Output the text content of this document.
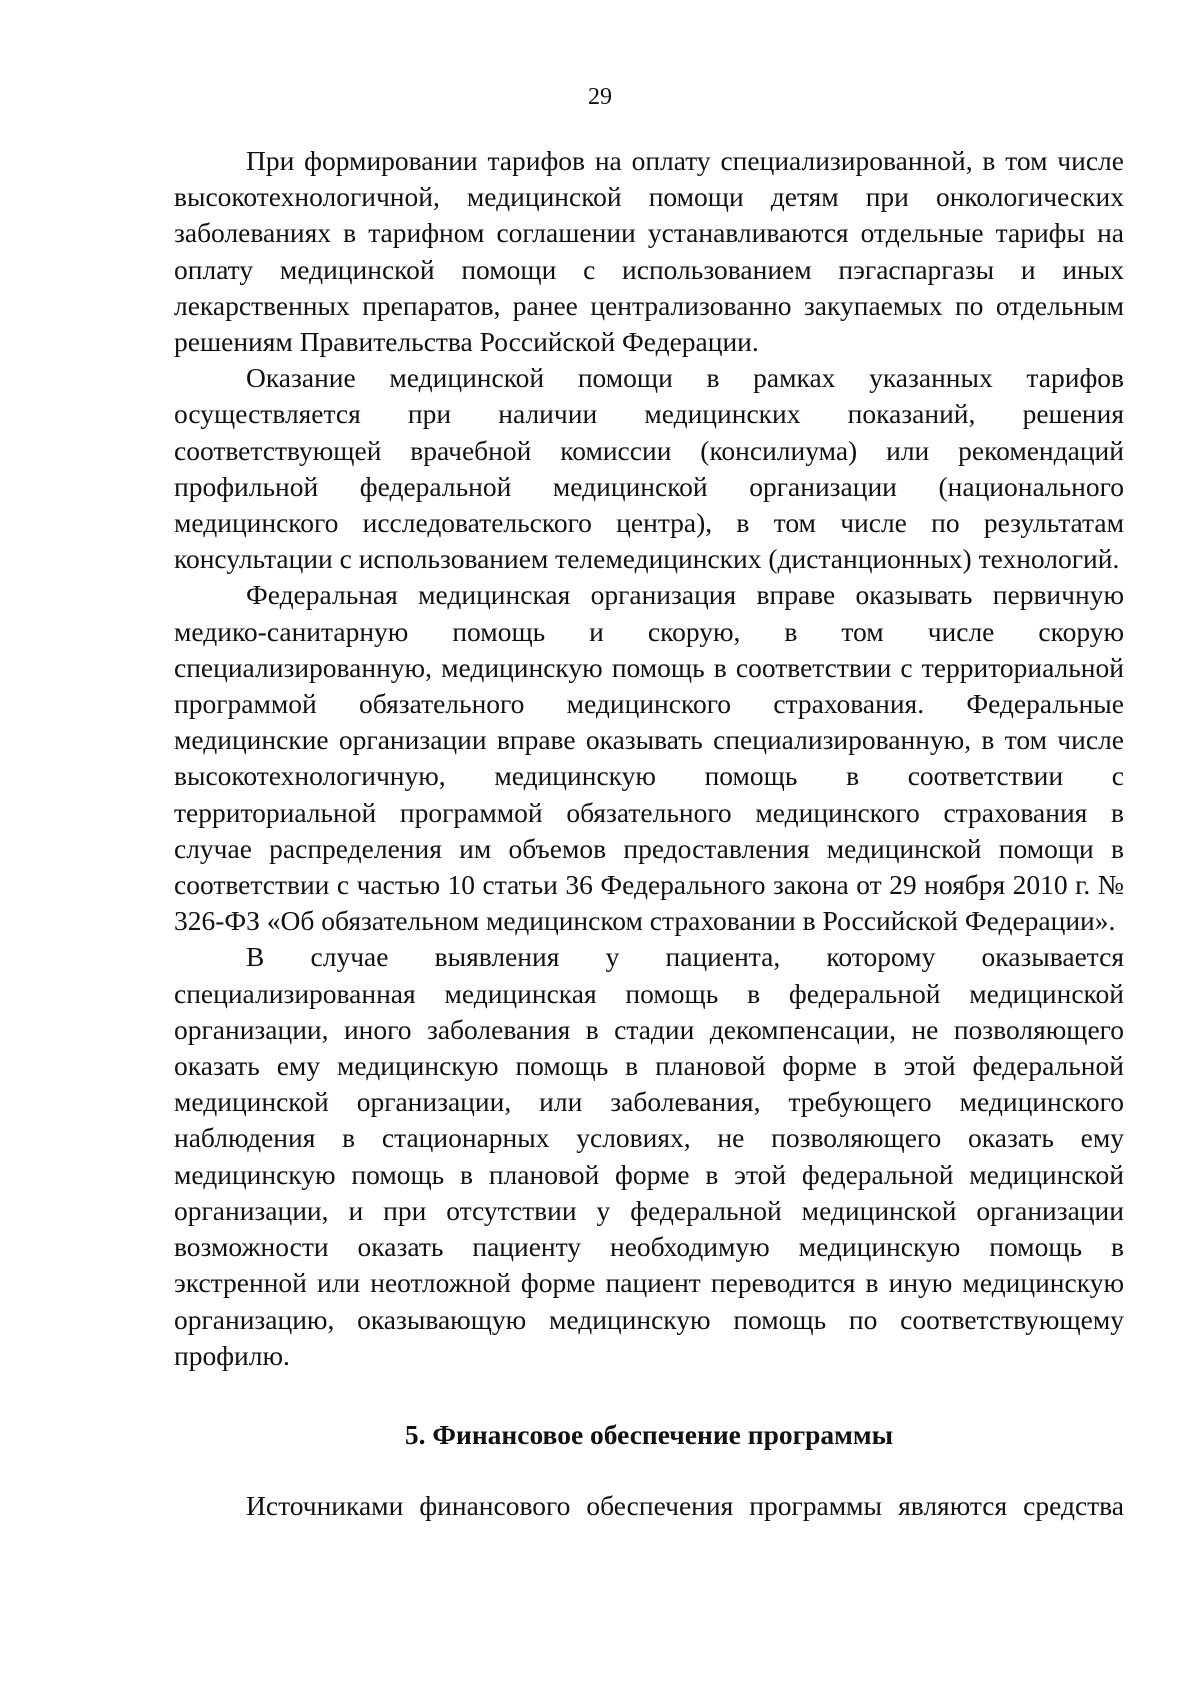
29

При формировании тарифов на оплату специализированной, в том числе высокотехнологичной, медицинской помощи детям при онкологических заболеваниях в тарифном соглашении устанавливаются отдельные тарифы на оплату медицинской помощи с использованием пэгаспаргазы и иных лекарственных препаратов, ранее централизованно закупаемых по отдельным решениям Правительства Российской Федерации.

Оказание медицинской помощи в рамках указанных тарифов осуществляется при наличии медицинских показаний, решения соответствующей врачебной комиссии (консилиума) или рекомендаций профильной федеральной медицинской организации (национального медицинского исследовательского центра), в том числе по результатам консультации с использованием телемедицинских (дистанционных) технологий.

Федеральная медицинская организация вправе оказывать первичную медико-санитарную помощь и скорую, в том числе скорую специализированную, медицинскую помощь в соответствии с территориальной программой обязательного медицинского страхования. Федеральные медицинские организации вправе оказывать специализированную, в том числе высокотехнологичную, медицинскую помощь в соответствии с территориальной программой обязательного медицинского страхования в случае распределения им объемов предоставления медицинской помощи в соответствии с частью 10 статьи 36 Федерального закона от 29 ноября 2010 г. № 326-ФЗ «Об обязательном медицинском страховании в Российской Федерации».

В случае выявления у пациента, которому оказывается специализированная медицинская помощь в федеральной медицинской организации, иного заболевания в стадии декомпенсации, не позволяющего оказать ему медицинскую помощь в плановой форме в этой федеральной медицинской организации, или заболевания, требующего медицинского наблюдения в стационарных условиях, не позволяющего оказать ему медицинскую помощь в плановой форме в этой федеральной медицинской организации, и при отсутствии у федеральной медицинской организации возможности оказать пациенту необходимую медицинскую помощь в экстренной или неотложной форме пациент переводится в иную медицинскую организацию, оказывающую медицинскую помощь по соответствующему профилю.

5. Финансовое обеспечение программы

Источниками финансового обеспечения программы являются средства
